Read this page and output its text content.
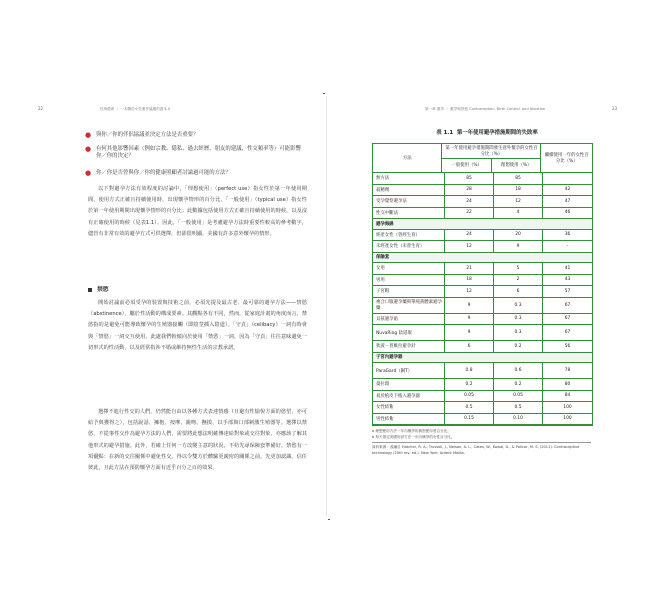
22	性與藝術 ｜ 一本關於女性避孕議題的書本 II
● 與你／你的伴侶協議並決定方法是否重要？
● 有何其他影響因素（例如宗教、隱私、過去經歷、朋友的建議、性交頻率等）可能影響你／你的決定？
● 你／你是否曾與你／你的健康照顧者討論過可能的方法？
以下對避孕方法有效程度的討論中，「理想使用」（perfect use）指女性於第一年使用期間，使用方式正確且持續使用時，出現懷孕情形的百分比，「一般使用」（typical use）指女性於第一年使用期間出現懷孕情形的百分比；此數據包括使用方式正確且持續使用的時候，以及沒有正確使用的時候（見表1.1）。因此，「一般使用」是考慮避孕方法時重要性較高的參考數字，儘管有非常有效的避孕方式可供選擇，但卻很明顯，美國有許多意外懷孕的情形。
禁慾
開始討論前必須受孕的裝置與技術之前，必須先提及最古老、最可靠的避孕方法——禁慾（abstinence），屬於性活動的構成要素。其觀點各有不同，然而，從家庭計畫的角度而言，禁慾指的是避免可能導致懷孕的生殖器接觸（即陰莖插入陰道）。「守貞」（celibacy）一詞有時會與「禁慾」一詞交互使用，此處我們較傾向於使用「禁慾」一詞，因為「守貞」往往意味避免一切形式的性活動，以及經常指涉不婚或維持無性生活的宗教承諾。
選擇不進行性交的人們，仍然能自由以各種方式表達情感（且避有性愉悅方面的慾望，亦可給予與獲得之），包括說話、擁抱、按摩、親吻、撫摸、以手部與口部刺激生殖器等。選擇以禁慾，不從事性交作為避孕方法的人們，需要將此想法明確傳達給對象或交往對象，亦應該了解其他形式的避孕措施。此外，若確上任何一方改變主意的狀況，不妨先尋保險套準備好。禁慾有一項優點：在新的交往關係中避免性交，得以令雙方於體驗更親密的關係之前，先更加認識、信任彼此，且此方法在預防懷孕方面有近乎百分之百的效果。
第一章 避孕 ｜ 避孕與禁慾 Contraception, Birth Control, and Abortion	23
表 1.1 第一年使用避孕措施期間的失敗率
方法
第一年使用避孕措施期間發生意外懷孕的女性百分比（%）
一般使用（%）	理想使用（%）
繼續使用一年的女性百分比（%）
無方法	85	85
殺精劑	28	18	42
受孕覺察避孕法	24	12	47
性交中斷法	22	4	46
避孕海綿
經產女性（曾經生育）	24	20	36
未經產女性（未曾生育）	12	9	-
保險套
女用	21	5	41
男用	18	2	43
子宮帽	12	6	57
複合口服避孕藥與單純黃體素避孕藥
9	0.3	67
貝茲避孕貼	9	0.3	67
NuvaRing 陰道環	9	0.3	67
狄波－普維拉避孕針	6	0.2	56
子宮內避孕器
ParaGard（銅T）	0.8	0.6	78
曼拉環	0.2	0.2	80
易於植皮下植入避孕器	0.05	0.05	84
女性結紮	0.5	0.5	100
男性結紮	0.15	0.10	100
a 理想使用方法一年內懷孕的典型使用者百分比。
b 每天指定美國用該方法一年內懷孕的女性百分比。
資料來源：改編自 Hatcher, R. A., Trussell, J., Nelson, A. L., Cates, W., Kowal, D., & Policar, M. S. (2011). Contraceptive technology (20th rev. ed.). New York: Ardent Media.
